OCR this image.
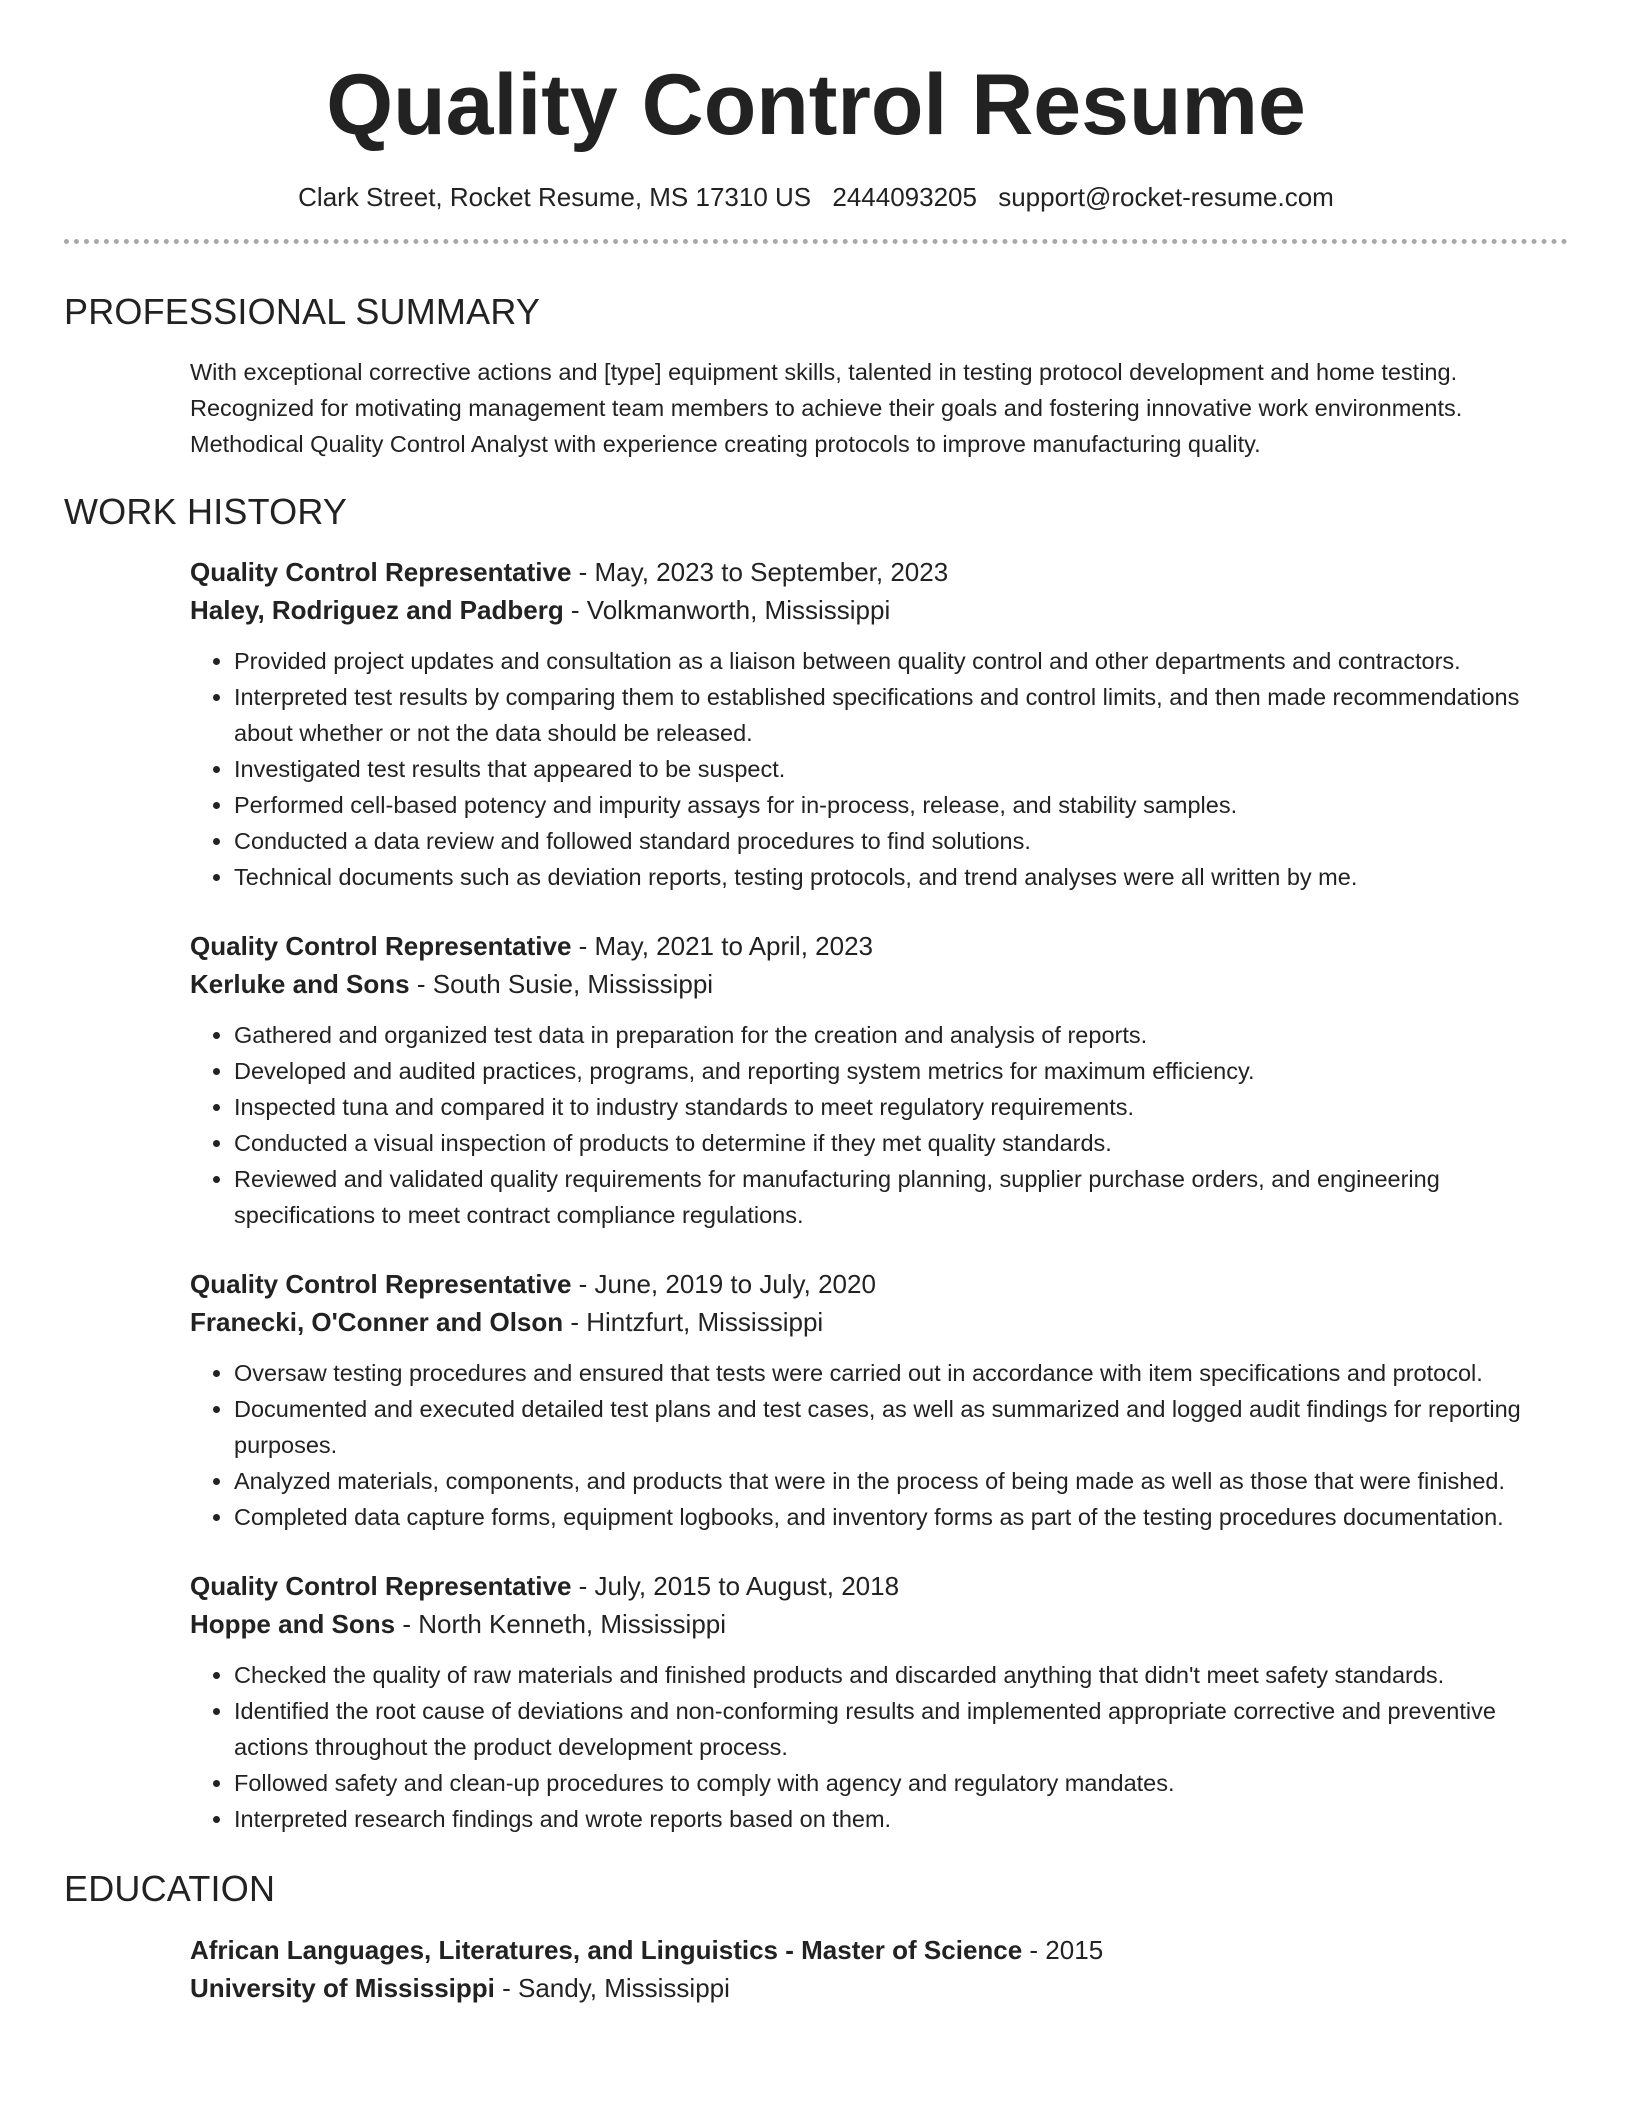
Quality Control Resume
Clark Street, Rocket Resume, MS 17310 US 2444093205 support@rocket-resume.com
PROFESSIONAL SUMMARY
With exceptional corrective actions and [type] equipment skills, talented in testing protocol development and home testing. Recognized for motivating management team members to achieve their goals and fostering innovative work environments. Methodical Quality Control Analyst with experience creating protocols to improve manufacturing quality.
WORK HISTORY
Quality Control Representative - May, 2023 to September, 2023
Haley, Rodriguez and Padberg - Volkmanworth, Mississippi
• Provided project updates and consultation as a liaison between quality control and other departments and contractors.
• Interpreted test results by comparing them to established specifications and control limits, and then made recommendations about whether or not the data should be released.
• Investigated test results that appeared to be suspect.
• Performed cell-based potency and impurity assays for in-process, release, and stability samples.
• Conducted a data review and followed standard procedures to find solutions.
• Technical documents such as deviation reports, testing protocols, and trend analyses were all written by me.
Quality Control Representative - May, 2021 to April, 2023
Kerluke and Sons - South Susie, Mississippi
• Gathered and organized test data in preparation for the creation and analysis of reports.
• Developed and audited practices, programs, and reporting system metrics for maximum efficiency.
• Inspected tuna and compared it to industry standards to meet regulatory requirements.
• Conducted a visual inspection of products to determine if they met quality standards.
• Reviewed and validated quality requirements for manufacturing planning, supplier purchase orders, and engineering specifications to meet contract compliance regulations.
Quality Control Representative - June, 2019 to July, 2020
Franecki, O'Conner and Olson - Hintzfurt, Mississippi
• Oversaw testing procedures and ensured that tests were carried out in accordance with item specifications and protocol.
• Documented and executed detailed test plans and test cases, as well as summarized and logged audit findings for reporting purposes.
• Analyzed materials, components, and products that were in the process of being made as well as those that were finished.
• Completed data capture forms, equipment logbooks, and inventory forms as part of the testing procedures documentation.
Quality Control Representative - July, 2015 to August, 2018
Hoppe and Sons - North Kenneth, Mississippi
• Checked the quality of raw materials and finished products and discarded anything that didn't meet safety standards.
• Identified the root cause of deviations and non-conforming results and implemented appropriate corrective and preventive actions throughout the product development process.
• Followed safety and clean-up procedures to comply with agency and regulatory mandates.
• Interpreted research findings and wrote reports based on them.
EDUCATION
African Languages, Literatures, and Linguistics - Master of Science - 2015
University of Mississippi - Sandy, Mississippi
